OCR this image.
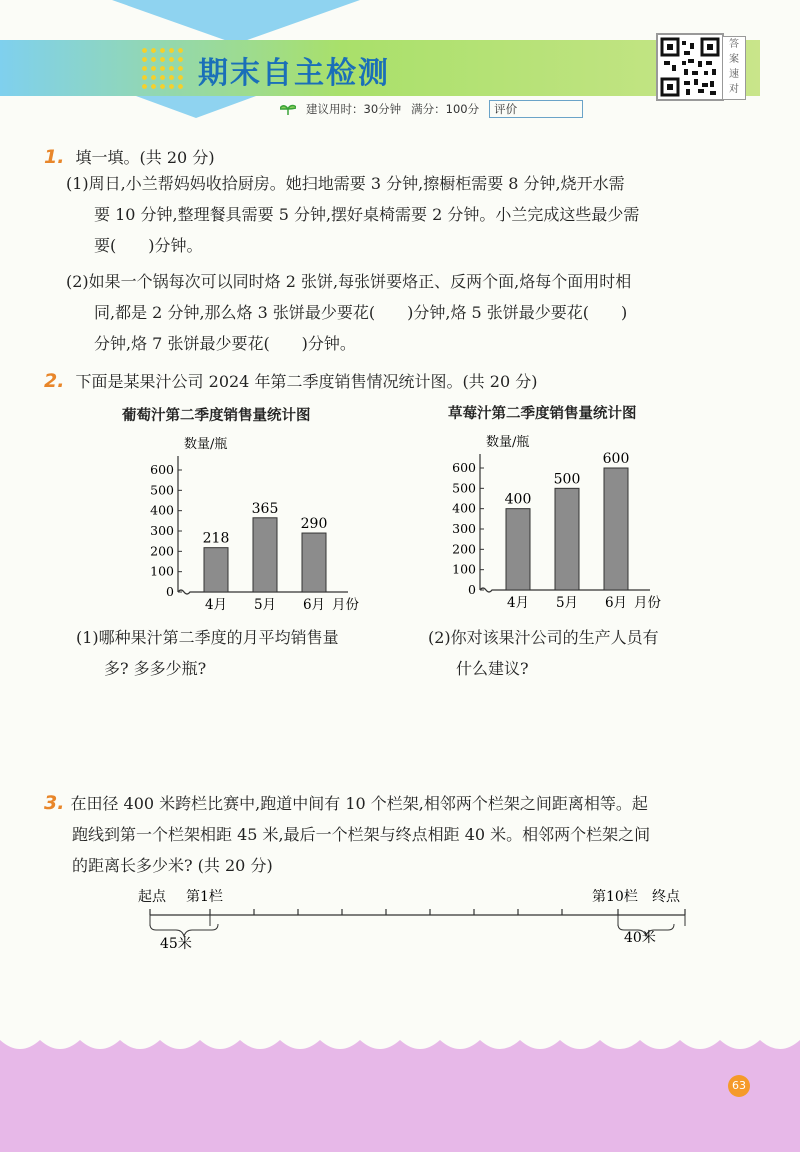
期末自主检测
答
案
速
对
建议用时：30分钟 满分：100分	评价
1. 填一填。(共 20 分)
(1)周日,小兰帮妈妈收拾厨房。她扫地需要 3 分钟,擦橱柜需要 8 分钟,烧开水需
要 10 分钟,整理餐具需要 5 分钟,摆好桌椅需要 2 分钟。小兰完成这些最少需
要(　　)分钟。
(2)如果一个锅每次可以同时烙 2 张饼,每张饼要烙正、反两个面,烙每个面用时相
同,都是 2 分钟,那么烙 3 张饼最少要花(　　)分钟,烙 5 张饼最少要花(　　)
分钟,烙 7 张饼最少要花(　　)分钟。
2. 下面是某果汁公司 2024 年第二季度销售情况统计图。(共 20 分)
葡萄汁第二季度销售量统计图	草莓汁第二季度销售量统计图
数量/瓶
0
100
200
300
400
500
600
218
4月
365
5月
290
6月 月份
数量/瓶
0
100
200
300
400
500
600
400
4月
500
5月
600
6月 月份
(1)哪种果汁第二季度的月平均销售量
多? 多多少瓶?
(2)你对该果汁公司的生产人员有
什么建议?
3. 在田径 400 米跨栏比赛中,跑道中间有 10 个栏架,相邻两个栏架之间距离相等。起
跑线到第一个栏架相距 45 米,最后一个栏架与终点相距 40 米。相邻两个栏架之间
的距离长多少米? (共 20 分)
起点 第1栏	第10栏 终点
45米	40米
63
